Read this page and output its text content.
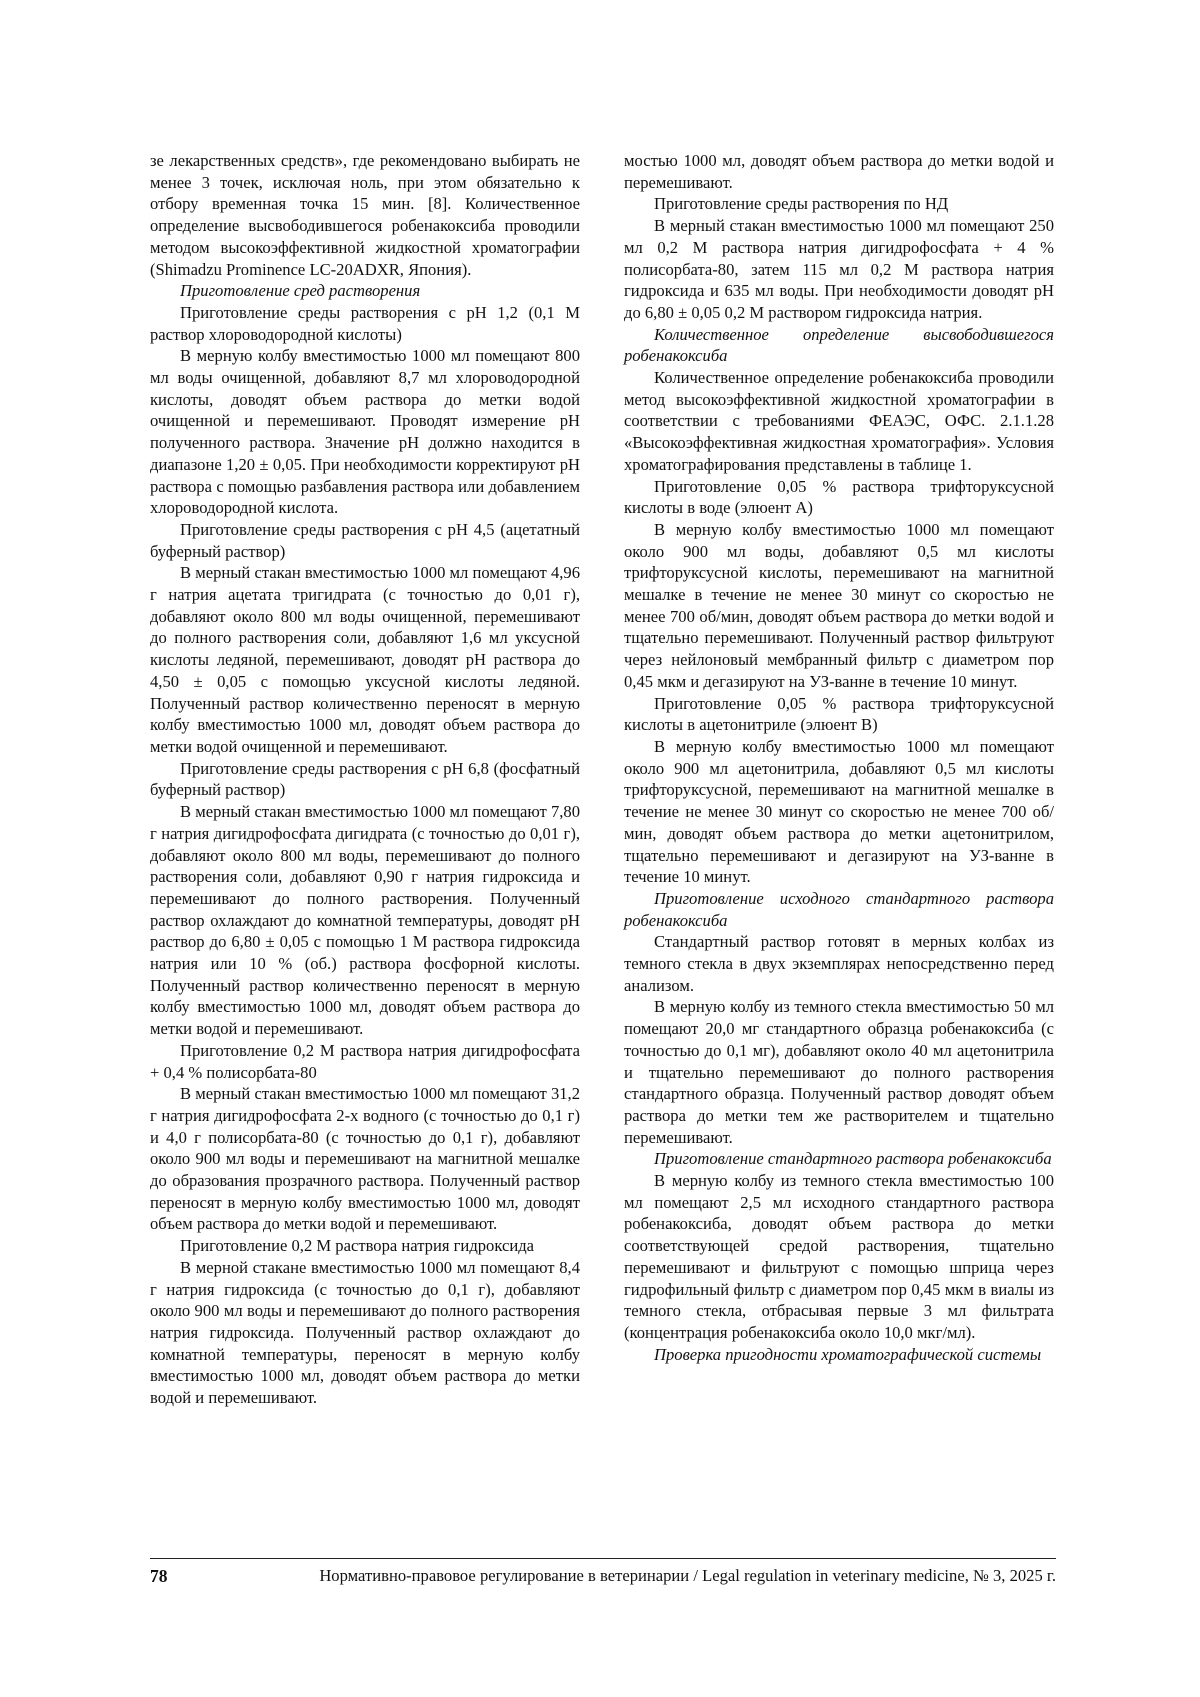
зе лекарственных средств», где рекомендовано выбирать не менее 3 точек, исключая ноль, при этом обязательно к отбору временная точка 15 мин. [8]. Количественное определение высвободившегося робенакоксиба проводили методом высокоэффективной жидкостной хроматографии (Shimadzu Prominence LC-20ADXR, Япония).

Приготовление сред растворения

Приготовление среды растворения с pH 1,2 (0,1 М раствор хлороводородной кислоты)

В мерную колбу вместимостью 1000 мл помещают 800 мл воды очищенной, добавляют 8,7 мл хлороводородной кислоты, доводят объем раствора до метки водой очищенной и перемешивают. Проводят измерение pH полученного раствора. Значение pH должно находится в диапазоне 1,20 ± 0,05. При необходимости корректируют pH раствора с помощью разбавления раствора или добавлением хлороводородной кислота.

Приготовление среды растворения с pH 4,5 (ацетатный буферный раствор)

В мерный стакан вместимостью 1000 мл помещают 4,96 г натрия ацетата тригидрата (с точностью до 0,01 г), добавляют около 800 мл воды очищенной, перемешивают до полного растворения соли, добавляют 1,6 мл уксусной кислоты ледяной, перемешивают, доводят pH раствора до 4,50 ± 0,05 с помощью уксусной кислоты ледяной. Полученный раствор количественно переносят в мерную колбу вместимостью 1000 мл, доводят объем раствора до метки водой очищенной и перемешивают.

Приготовление среды растворения с pH 6,8 (фосфатный буферный раствор)

В мерный стакан вместимостью 1000 мл помещают 7,80 г натрия дигидрофосфата дигидрата (с точностью до 0,01 г), добавляют около 800 мл воды, перемешивают до полного растворения соли, добавляют 0,90 г натрия гидроксида и перемешивают до полного растворения. Полученный раствор охлаждают до комнатной температуры, доводят pH раствор до 6,80 ± 0,05 с помощью 1 М раствора гидроксида натрия или 10 % (об.) раствора фосфорной кислоты. Полученный раствор количественно переносят в мерную колбу вместимостью 1000 мл, доводят объем раствора до метки водой и перемешивают.

Приготовление 0,2 М раствора натрия дигидрофосфата + 0,4 % полисорбата-80

В мерный стакан вместимостью 1000 мл помещают 31,2 г натрия дигидрофосфата 2-х водного (с точностью до 0,1 г) и 4,0 г полисорбата-80 (с точностью до 0,1 г), добавляют около 900 мл воды и перемешивают на магнитной мешалке до образования прозрачного раствора. Полученный раствор переносят в мерную колбу вместимостью 1000 мл, доводят объем раствора до метки водой и перемешивают.

Приготовление 0,2 М раствора натрия гидроксида

В мерной стакане вместимостью 1000 мл помещают 8,4 г натрия гидроксида (с точностью до 0,1 г), добавляют около 900 мл воды и перемешивают до полного растворения натрия гидроксида. Полученный раствор охлаждают до комнатной температуры, переносят в мерную колбу вместимостью 1000 мл, доводят объем раствора до метки водой и перемешивают.

мостью 1000 мл, доводят объем раствора до метки водой и перемешивают.

Приготовление среды растворения по НД

В мерный стакан вместимостью 1000 мл помещают 250 мл 0,2 М раствора натрия дигидрофосфата + 4 % полисорбата-80, затем 115 мл 0,2 М раствора натрия гидроксида и 635 мл воды. При необходимости доводят pH до 6,80 ± 0,05 0,2 М раствором гидроксида натрия.

Количественное определение высвободившегося робенакоксиба

Количественное определение робенакоксиба проводили метод высокоэффективной жидкостной хроматографии в соответствии с требованиями ФЕАЭС, ОФС. 2.1.1.28 «Высокоэффективная жидкостная хроматография». Условия хроматографирования представлены в таблице 1.

Приготовление 0,05 % раствора трифторуксусной кислоты в воде (элюент А)

В мерную колбу вместимостью 1000 мл помещают около 900 мл воды, добавляют 0,5 мл кислоты трифторуксусной кислоты, перемешивают на магнитной мешалке в течение не менее 30 минут со скоростью не менее 700 об/мин, доводят объем раствора до метки водой и тщательно перемешивают. Полученный раствор фильтруют через нейлоновый мембранный фильтр с диаметром пор 0,45 мкм и дегазируют на УЗ-ванне в течение 10 минут.

Приготовление 0,05 % раствора трифторуксусной кислоты в ацетонитриле (элюент В)

В мерную колбу вместимостью 1000 мл помещают около 900 мл ацетонитрила, добавляют 0,5 мл кислоты трифторуксусной, перемешивают на магнитной мешалке в течение не менее 30 минут со скоростью не менее 700 об/мин, доводят объем раствора до метки ацетонитрилом, тщательно перемешивают и дегазируют на УЗ-ванне в течение 10 минут.

Приготовление исходного стандартного раствора робенакоксиба

Стандартный раствор готовят в мерных колбах из темного стекла в двух экземплярах непосредственно перед анализом.

В мерную колбу из темного стекла вместимостью 50 мл помещают 20,0 мг стандартного образца робенакоксиба (с точностью до 0,1 мг), добавляют около 40 мл ацетонитрила и тщательно перемешивают до полного растворения стандартного образца. Полученный раствор доводят объем раствора до метки тем же растворителем и тщательно перемешивают.

Приготовление стандартного раствора робенакоксиба

В мерную колбу из темного стекла вместимостью 100 мл помещают 2,5 мл исходного стандартного раствора робенакоксиба, доводят объем раствора до метки соответствующей средой растворения, тщательно перемешивают и фильтруют с помощью шприца через гидрофильный фильтр с диаметром пор 0,45 мкм в виалы из темного стекла, отбрасывая первые 3 мл фильтрата (концентрация робенакоксиба около 10,0 мкг/мл).

Проверка пригодности хроматографической системы

78	Нормативно-правовое регулирование в ветеринарии / Legal regulation in veterinary medicine, № 3, 2025 г.
